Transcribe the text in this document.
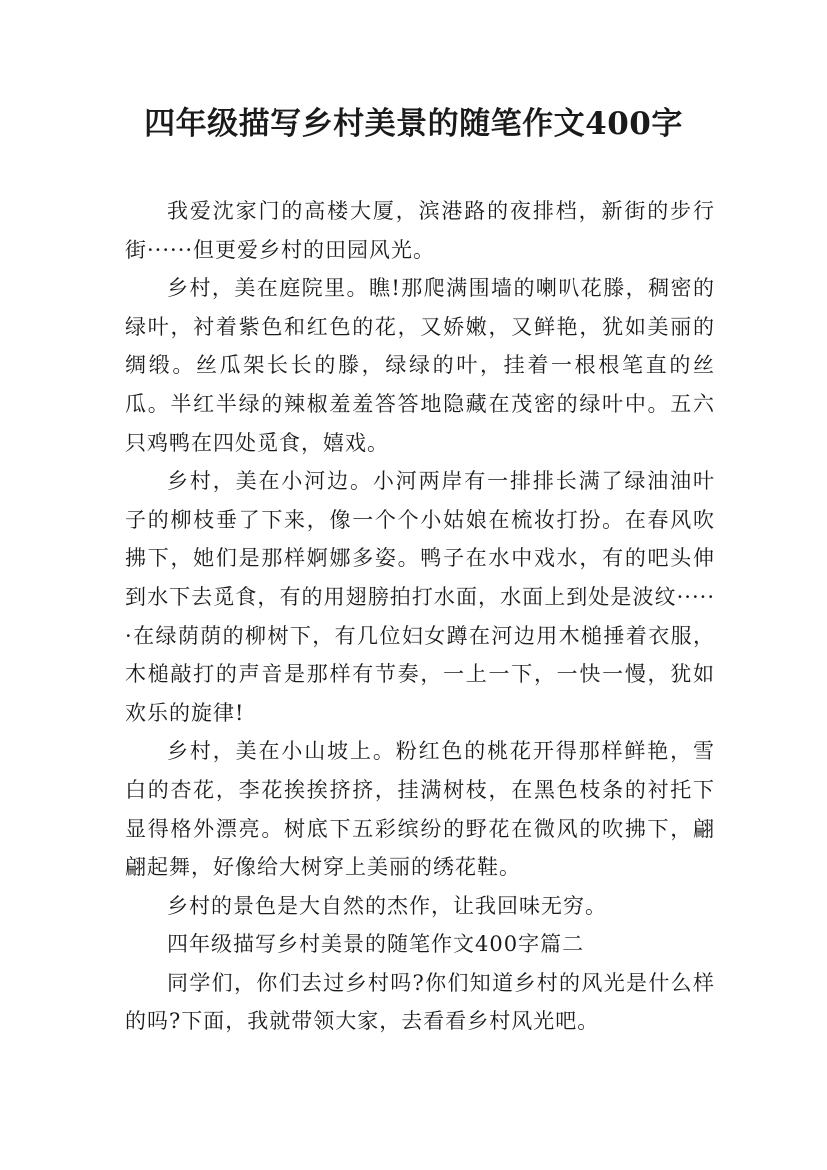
四年级描写乡村美景的随笔作文400字

我爱沈家门的高楼大厦，滨港路的夜排档，新街的步行街······但更爱乡村的田园风光。

乡村，美在庭院里。瞧!那爬满围墙的喇叭花滕，稠密的绿叶，衬着紫色和红色的花，又娇嫩，又鲜艳，犹如美丽的绸缎。丝瓜架长长的滕，绿绿的叶，挂着一根根笔直的丝瓜。半红半绿的辣椒羞羞答答地隐藏在茂密的绿叶中。五六只鸡鸭在四处觅食，嬉戏。

乡村，美在小河边。小河两岸有一排排长满了绿油油叶子的柳枝垂了下来，像一个个小姑娘在梳妆打扮。在春风吹拂下，她们是那样婀娜多姿。鸭子在水中戏水，有的吧头伸到水下去觅食，有的用翅膀拍打水面，水面上到处是波纹······在绿荫荫的柳树下，有几位妇女蹲在河边用木槌捶着衣服，木槌敲打的声音是那样有节奏，一上一下，一快一慢，犹如欢乐的旋律!

乡村，美在小山坡上。粉红色的桃花开得那样鲜艳，雪白的杏花，李花挨挨挤挤，挂满树枝，在黑色枝条的衬托下显得格外漂亮。树底下五彩缤纷的野花在微风的吹拂下，翩翩起舞，好像给大树穿上美丽的绣花鞋。

乡村的景色是大自然的杰作，让我回味无穷。

四年级描写乡村美景的随笔作文400字篇二

同学们，你们去过乡村吗?你们知道乡村的风光是什么样的吗?下面，我就带领大家，去看看乡村风光吧。
